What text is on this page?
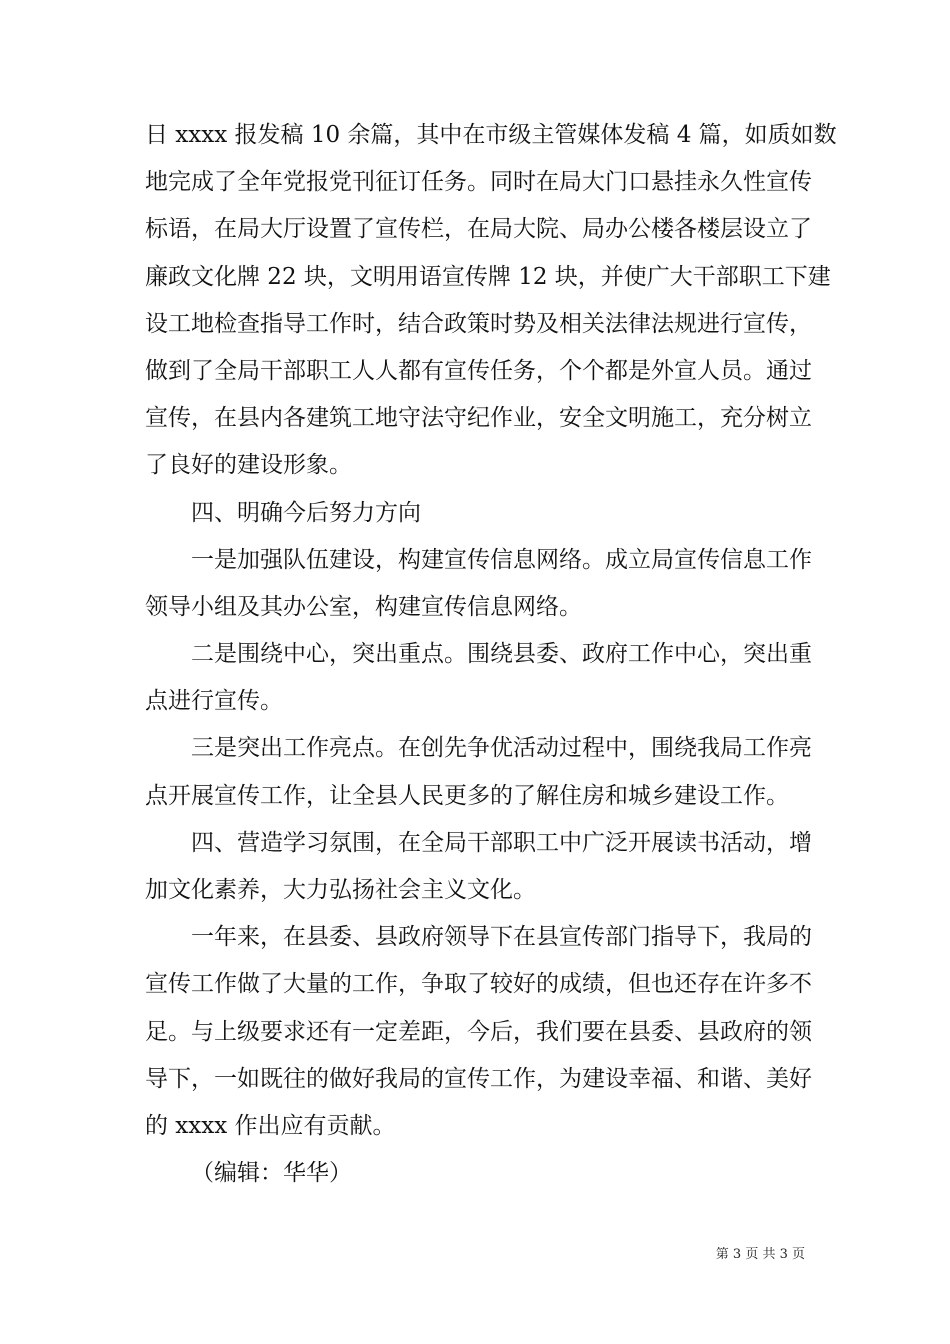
日 xxxx 报发稿 10 余篇，其中在市级主管媒体发稿 4 篇，如质如数
地完成了全年党报党刊征订任务。同时在局大门口悬挂永久性宣传
标语，在局大厅设置了宣传栏，在局大院、局办公楼各楼层设立了
廉政文化牌 22 块，文明用语宣传牌 12 块，并使广大干部职工下建
设工地检查指导工作时，结合政策时势及相关法律法规进行宣传，
做到了全局干部职工人人都有宣传任务，个个都是外宣人员。通过
宣传，在县内各建筑工地守法守纪作业，安全文明施工，充分树立
了良好的建设形象。
四、明确今后努力方向
一是加强队伍建设，构建宣传信息网络。成立局宣传信息工作
领导小组及其办公室，构建宣传信息网络。
二是围绕中心，突出重点。围绕县委、政府工作中心，突出重
点进行宣传。
三是突出工作亮点。在创先争优活动过程中，围绕我局工作亮
点开展宣传工作，让全县人民更多的了解住房和城乡建设工作。
四、营造学习氛围，在全局干部职工中广泛开展读书活动，增
加文化素养，大力弘扬社会主义文化。
一年来，在县委、县政府领导下在县宣传部门指导下，我局的
宣传工作做了大量的工作，争取了较好的成绩，但也还存在许多不
足。与上级要求还有一定差距，今后，我们要在县委、县政府的领
导下，一如既往的做好我局的宣传工作，为建设幸福、和谐、美好
的 xxxx 作出应有贡献。
（编辑：华华）
第 3 页 共 3 页
